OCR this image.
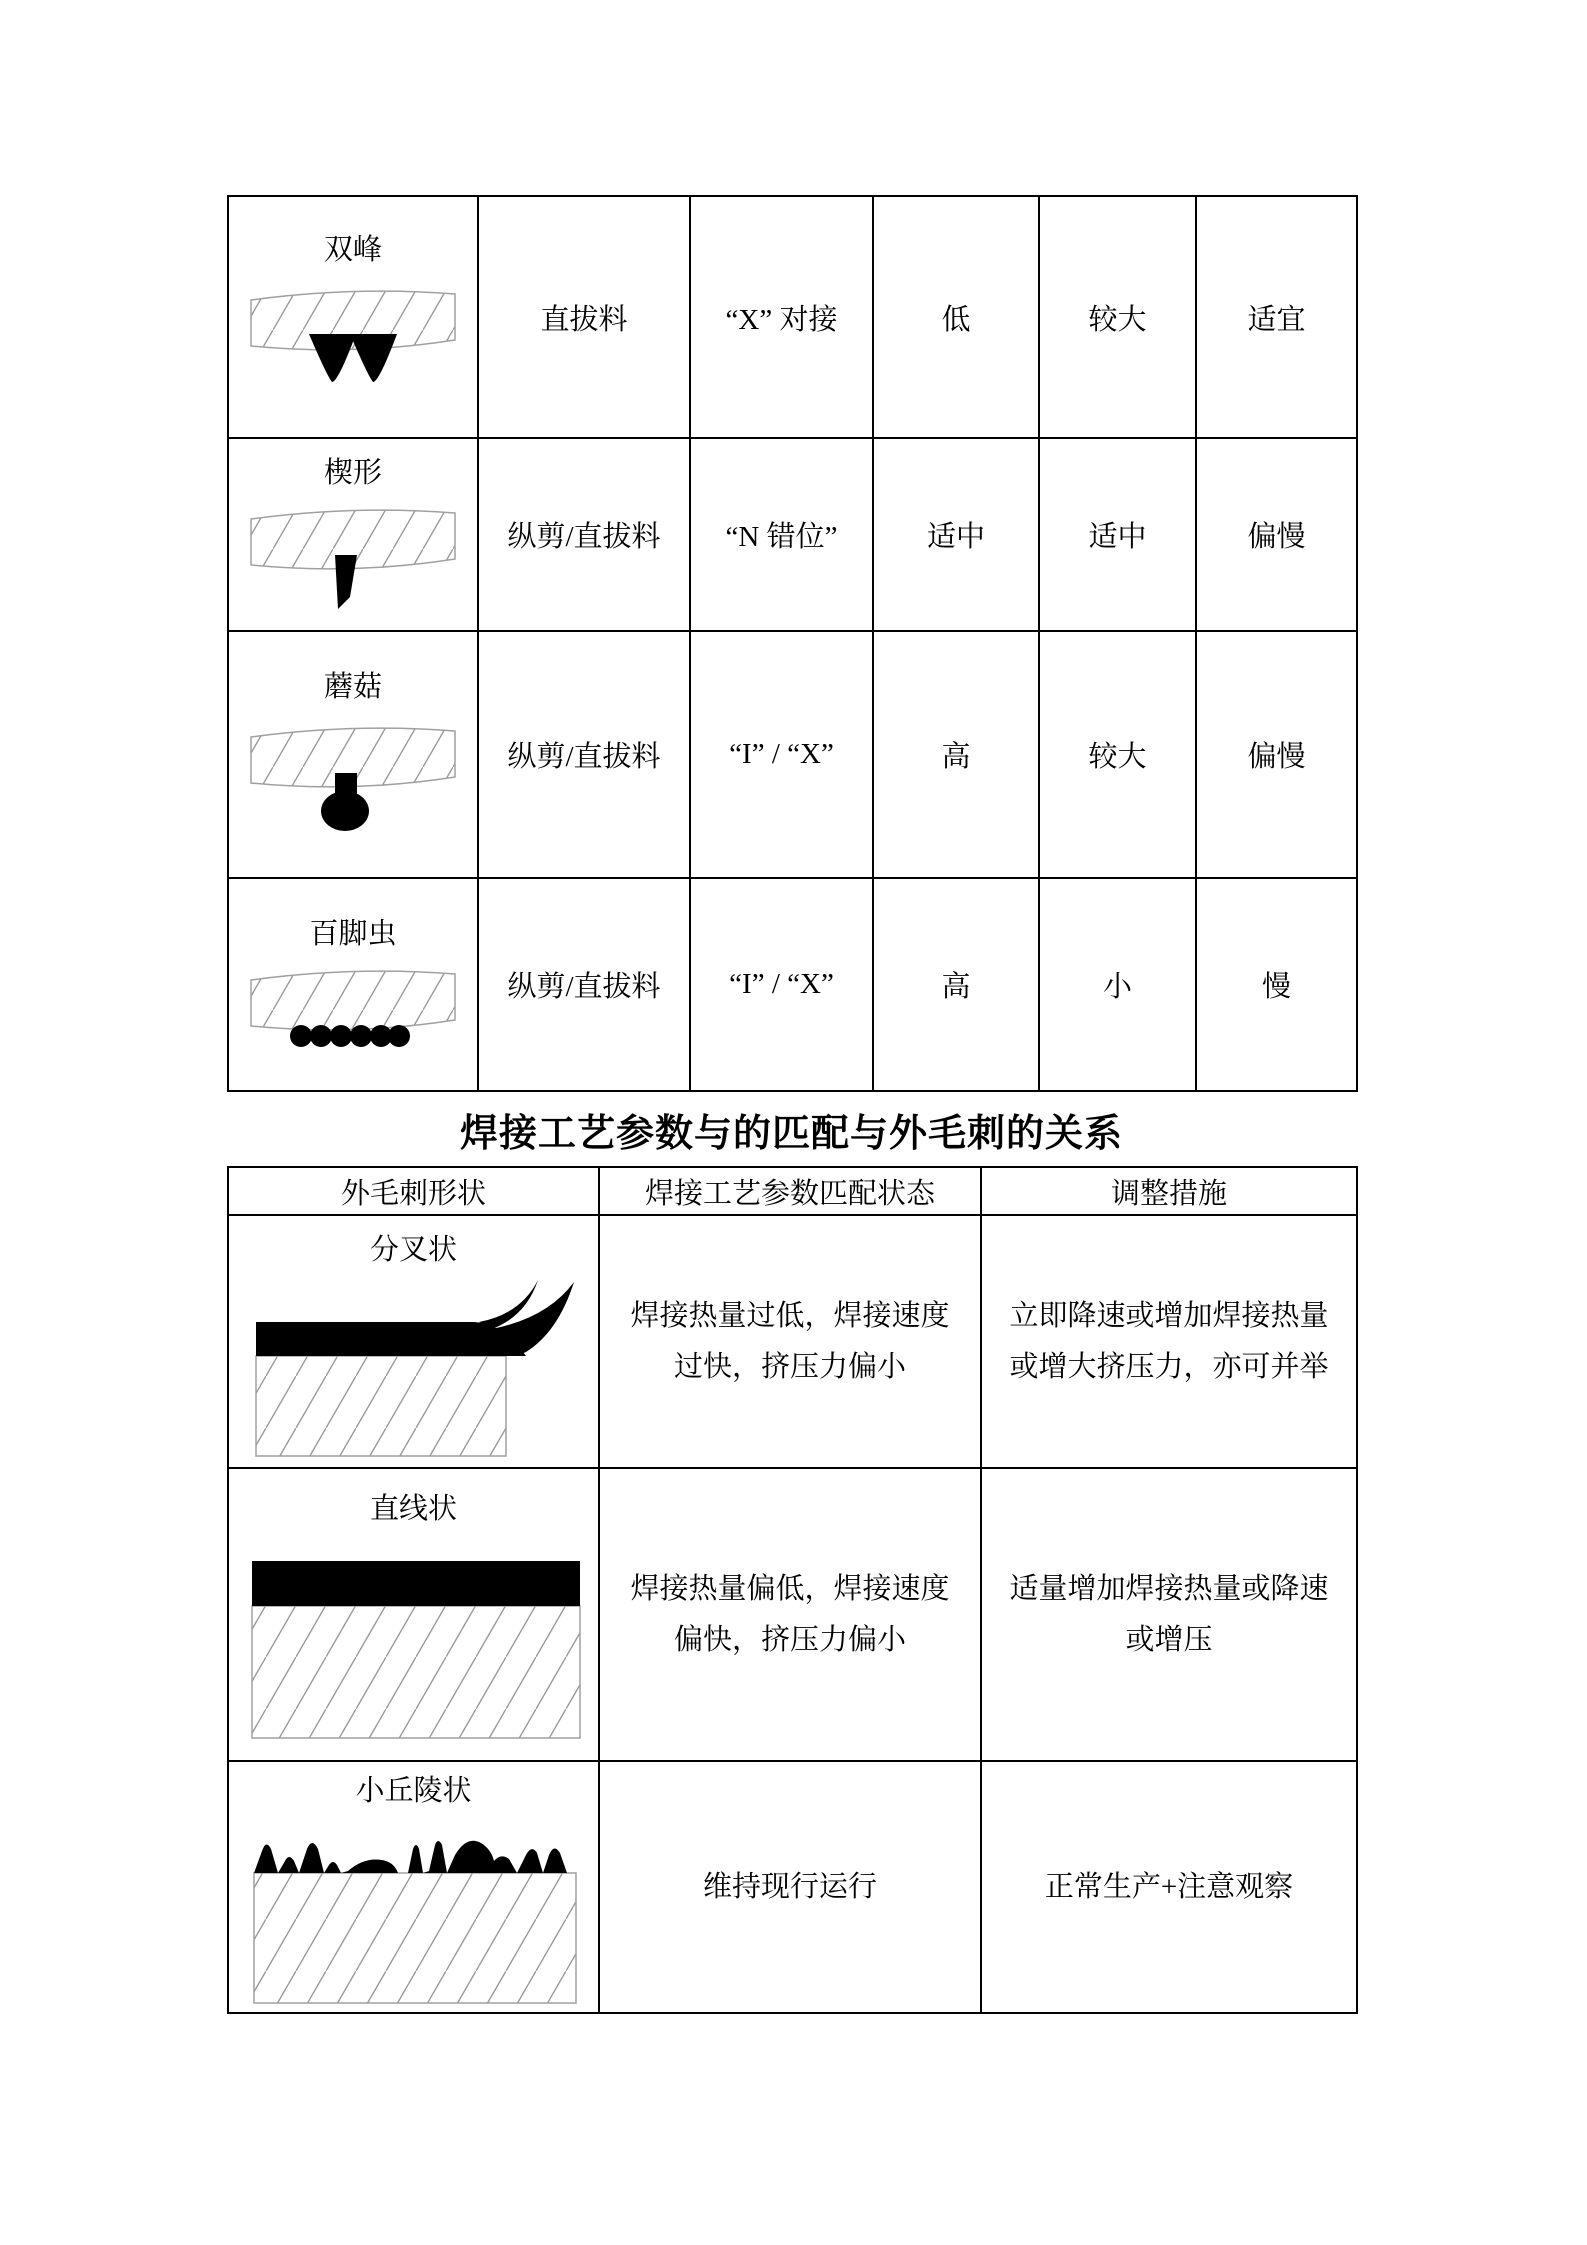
双峰	直拔料	“X” 对接	低	较大	适宜

楔形	纵剪/直拔料	“N 错位”	适中	适中	偏慢

蘑菇	纵剪/直拔料	“I” / “X”	高	较大	偏慢

百脚虫	纵剪/直拔料	“I” / “X”	高	小	慢
焊接工艺参数与的匹配与外毛刺的关系
外毛刺形状	焊接工艺参数匹配状态	调整措施

分叉状	焊接热量过低，焊接速度过快，挤压力偏小	立即降速或增加焊接热量或增大挤压力，亦可并举

直线状	焊接热量偏低，焊接速度偏快，挤压力偏小	适量增加焊接热量或降速或增压

小丘陵状	维持现行运行	正常生产+注意观察
